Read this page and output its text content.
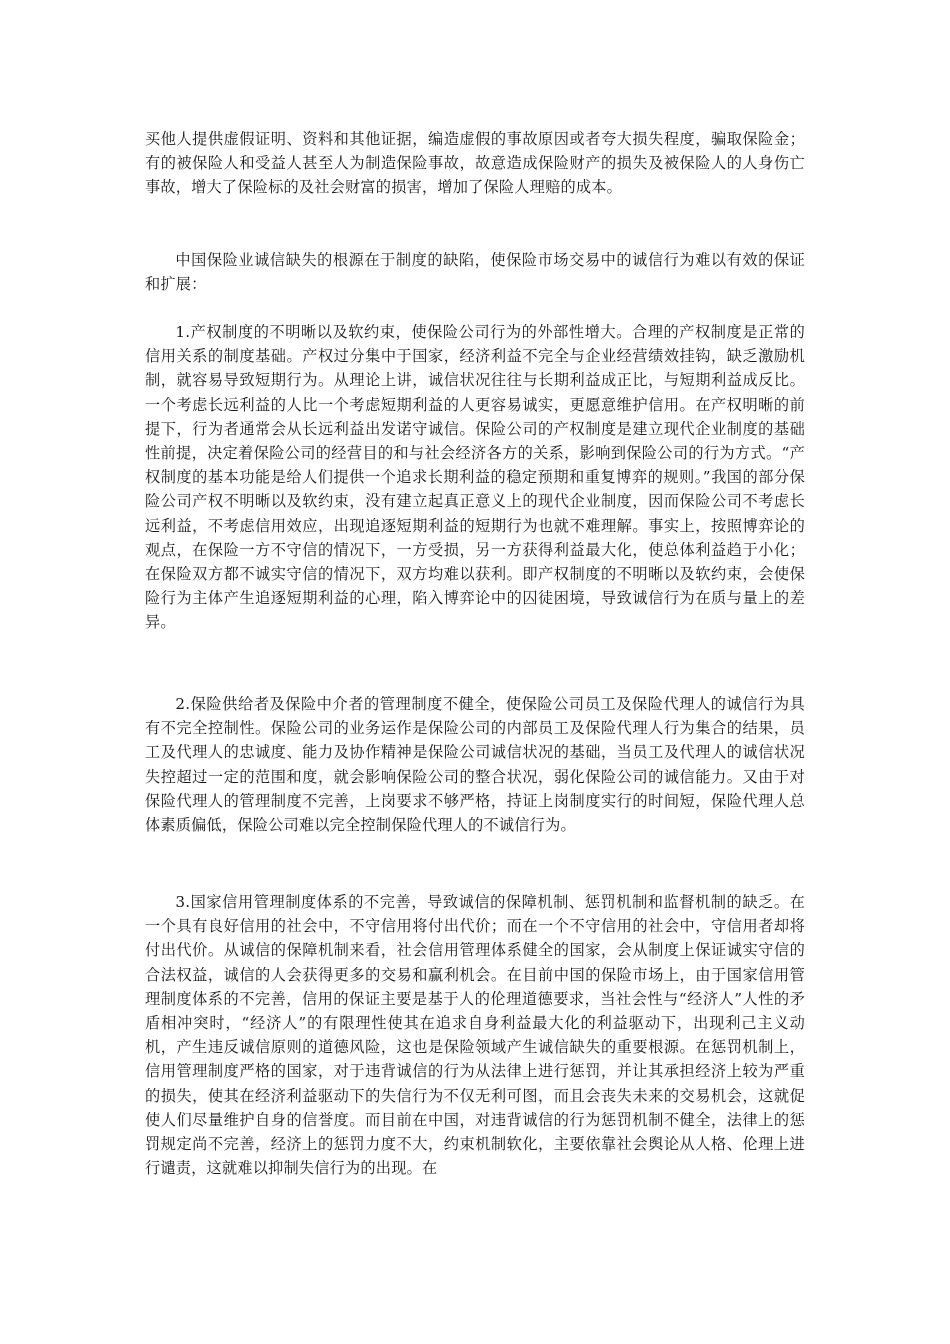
买他人提供虚假证明、资料和其他证据，编造虚假的事故原因或者夸大损失程度，骗取保险金；有的被保险人和受益人甚至人为制造保险事故，故意造成保险财产的损失及被保险人的人身伤亡事故，增大了保险标的及社会财富的损害，增加了保险人理赔的成本。

中国保险业诚信缺失的根源在于制度的缺陷，使保险市场交易中的诚信行为难以有效的保证和扩展：

1.产权制度的不明晰以及软约束，使保险公司行为的外部性增大。合理的产权制度是正常的信用关系的制度基础。产权过分集中于国家，经济利益不完全与企业经营绩效挂钩，缺乏激励机制，就容易导致短期行为。从理论上讲，诚信状况往往与长期利益成正比，与短期利益成反比。一个考虑长远利益的人比一个考虑短期利益的人更容易诚实，更愿意维护信用。在产权明晰的前提下，行为者通常会从长远利益出发诺守诚信。保险公司的产权制度是建立现代企业制度的基础性前提，决定着保险公司的经营目的和与社会经济各方的关系，影响到保险公司的行为方式。“产权制度的基本功能是给人们提供一个追求长期利益的稳定预期和重复博弈的规则。”我国的部分保险公司产权不明晰以及软约束，没有建立起真正意义上的现代企业制度，因而保险公司不考虑长远利益，不考虑信用效应，出现追逐短期利益的短期行为也就不难理解。事实上，按照博弈论的观点，在保险一方不守信的情况下，一方受损，另一方获得利益最大化，使总体利益趋于小化；在保险双方都不诚实守信的情况下，双方均难以获利。即产权制度的不明晰以及软约束，会使保险行为主体产生追逐短期利益的心理，陷入博弈论中的囚徒困境，导致诚信行为在质与量上的差异。

2.保险供给者及保险中介者的管理制度不健全，使保险公司员工及保险代理人的诚信行为具有不完全控制性。保险公司的业务运作是保险公司的内部员工及保险代理人行为集合的结果，员工及代理人的忠诚度、能力及协作精神是保险公司诚信状况的基础，当员工及代理人的诚信状况失控超过一定的范围和度，就会影响保险公司的整合状况，弱化保险公司的诚信能力。又由于对保险代理人的管理制度不完善，上岗要求不够严格，持证上岗制度实行的时间短，保险代理人总体素质偏低，保险公司难以完全控制保险代理人的不诚信行为。

3.国家信用管理制度体系的不完善，导致诚信的保障机制、惩罚机制和监督机制的缺乏。在一个具有良好信用的社会中，不守信用将付出代价；而在一个不守信用的社会中，守信用者却将付出代价。从诚信的保障机制来看，社会信用管理体系健全的国家，会从制度上保证诚实守信的合法权益，诚信的人会获得更多的交易和赢利机会。在目前中国的保险市场上，由于国家信用管理制度体系的不完善，信用的保证主要是基于人的伦理道德要求，当社会性与“经济人”人性的矛盾相冲突时，“经济人”的有限理性使其在追求自身利益最大化的利益驱动下，出现利己主义动机，产生违反诚信原则的道德风险，这也是保险领域产生诚信缺失的重要根源。在惩罚机制上，信用管理制度严格的国家，对于违背诚信的行为从法律上进行惩罚，并让其承担经济上较为严重的损失，使其在经济利益驱动下的失信行为不仅无利可图，而且会丧失未来的交易机会，这就促使人们尽量维护自身的信誉度。而目前在中国，对违背诚信的行为惩罚机制不健全，法律上的惩罚规定尚不完善，经济上的惩罚力度不大，约束机制软化，主要依靠社会舆论从人格、伦理上进行谴责，这就难以抑制失信行为的出现。在
